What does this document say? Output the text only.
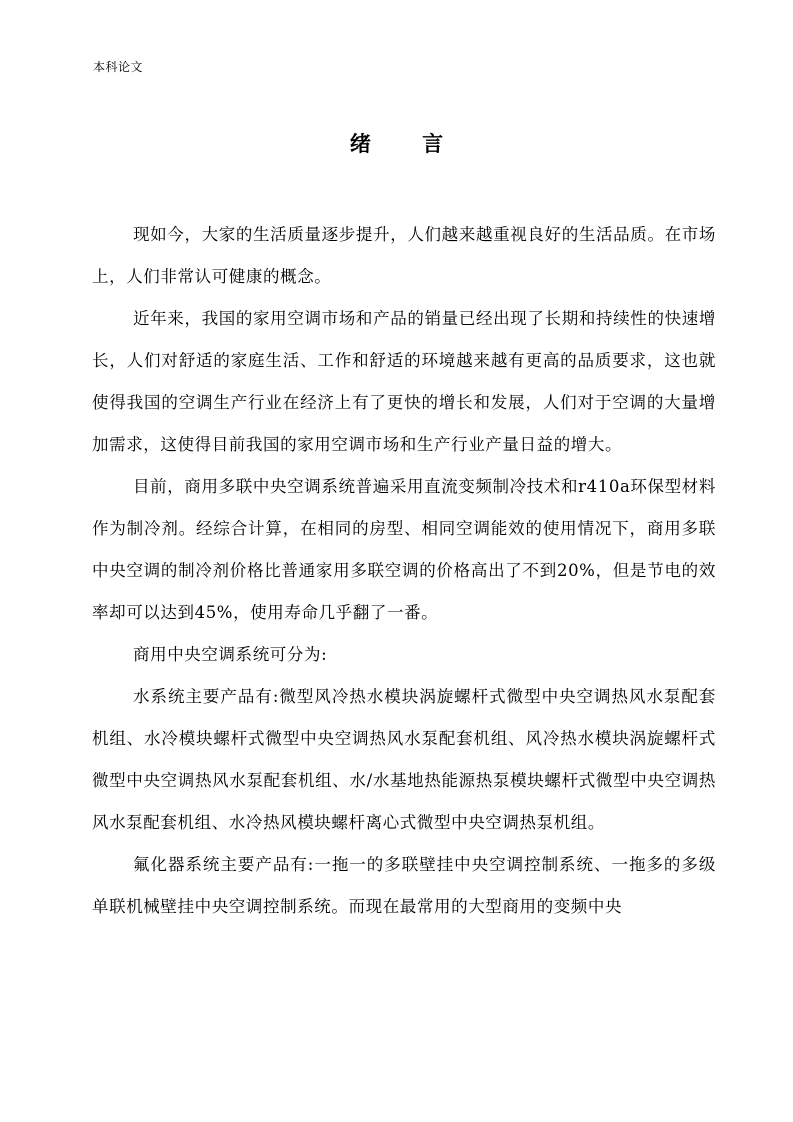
本科论文
绪 言

现如今，大家的生活质量逐步提升，人们越来越重视良好的生活品质。在市场上，人们非常认可健康的概念。

近年来，我国的家用空调市场和产品的销量已经出现了长期和持续性的快速增长，人们对舒适的家庭生活、工作和舒适的环境越来越有更高的品质要求，这也就使得我国的空调生产行业在经济上有了更快的增长和发展，人们对于空调的大量增加需求，这使得目前我国的家用空调市场和生产行业产量日益的增大。

目前，商用多联中央空调系统普遍采用直流变频制冷技术和r410a环保型材料作为制冷剂。经综合计算，在相同的房型、相同空调能效的使用情况下，商用多联中央空调的制冷剂价格比普通家用多联空调的价格高出了不到20%，但是节电的效率却可以达到45%，使用寿命几乎翻了一番。

商用中央空调系统可分为:

水系统主要产品有:微型风冷热水模块涡旋螺杆式微型中央空调热风水泵配套机组、水冷模块螺杆式微型中央空调热风水泵配套机组、风冷热水模块涡旋螺杆式微型中央空调热风水泵配套机组、水/水基地热能源热泵模块螺杆式微型中央空调热风水泵配套机组、水冷热风模块螺杆离心式微型中央空调热泵机组。

氟化器系统主要产品有:一拖一的多联壁挂中央空调控制系统、一拖多的多级单联机械壁挂中央空调控制系统。而现在最常用的大型商用的变频中央
